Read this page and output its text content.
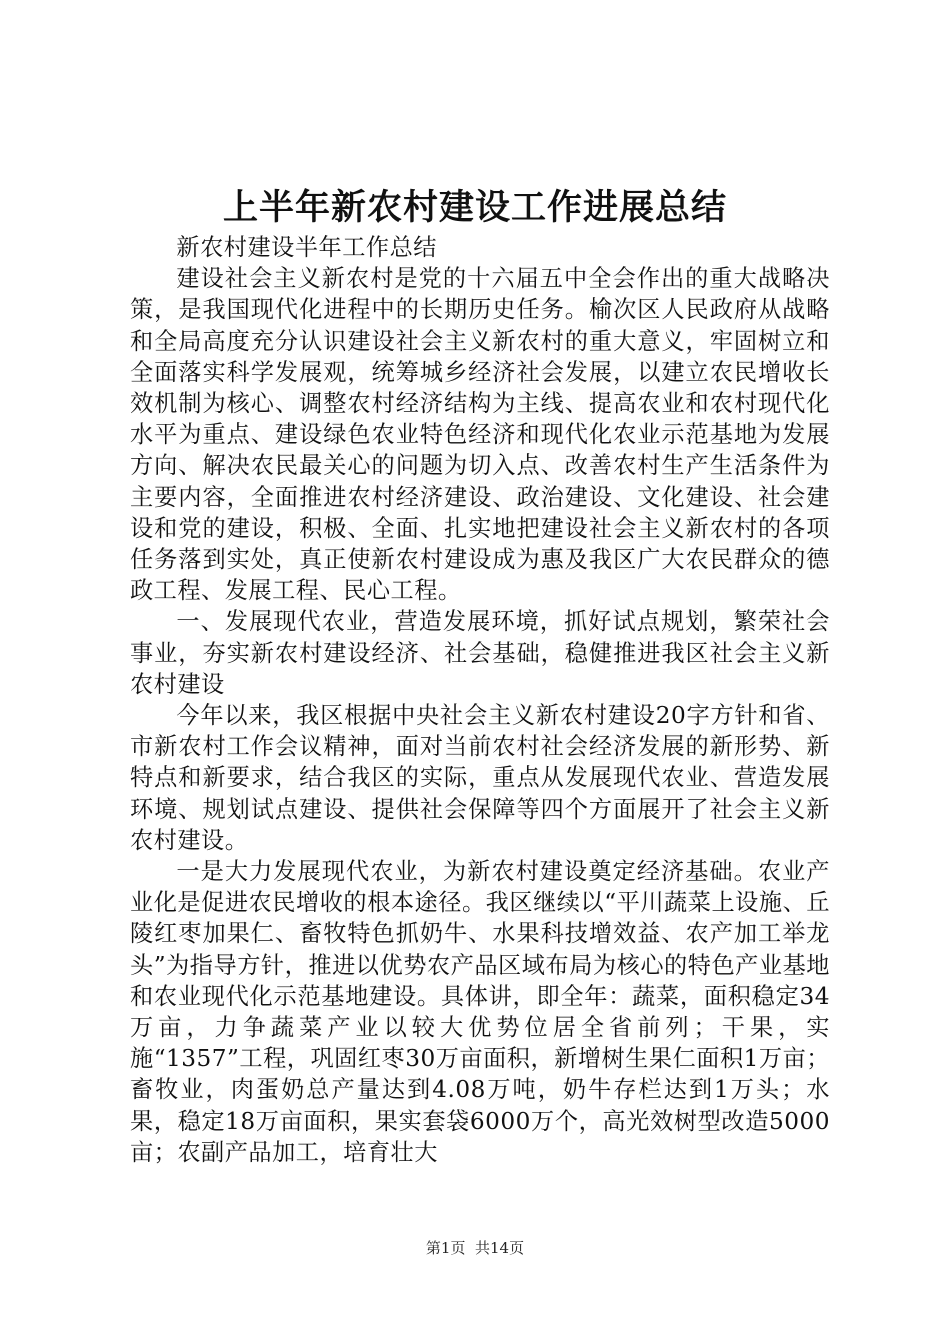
上半年新农村建设工作进展总结

新农村建设半年工作总结

建设社会主义新农村是党的十六届五中全会作出的重大战略决策，是我国现代化进程中的长期历史任务。榆次区人民政府从战略和全局高度充分认识建设社会主义新农村的重大意义，牢固树立和全面落实科学发展观，统筹城乡经济社会发展，以建立农民增收长效机制为核心、调整农村经济结构为主线、提高农业和农村现代化水平为重点、建设绿色农业特色经济和现代化农业示范基地为发展方向、解决农民最关心的问题为切入点、改善农村生产生活条件为主要内容，全面推进农村经济建设、政治建设、文化建设、社会建设和党的建设，积极、全面、扎实地把建设社会主义新农村的各项任务落到实处，真正使新农村建设成为惠及我区广大农民群众的德政工程、发展工程、民心工程。

一、发展现代农业，营造发展环境，抓好试点规划，繁荣社会事业，夯实新农村建设经济、社会基础，稳健推进我区社会主义新农村建设

今年以来，我区根据中央社会主义新农村建设20字方针和省、市新农村工作会议精神，面对当前农村社会经济发展的新形势、新特点和新要求，结合我区的实际，重点从发展现代农业、营造发展环境、规划试点建设、提供社会保障等四个方面展开了社会主义新农村建设。

一是大力发展现代农业，为新农村建设奠定经济基础。农业产业化是促进农民增收的根本途径。我区继续以“平川蔬菜上设施、丘陵红枣加果仁、畜牧特色抓奶牛、水果科技增效益、农产加工举龙头”为指导方针，推进以优势农产品区域布局为核心的特色产业基地和农业现代化示范基地建设。具体讲，即全年：蔬菜，面积稳定34万亩，力争蔬菜产业以较大优势位居全省前列；干果，实施“1357”工程，巩固红枣30万亩面积，新增树生果仁面积1万亩；畜牧业，肉蛋奶总产量达到4.08万吨，奶牛存栏达到1万头；水果，稳定18万亩面积，果实套袋6000万个，高光效树型改造5000亩；农副产品加工，培育壮大

第1页 共14页
